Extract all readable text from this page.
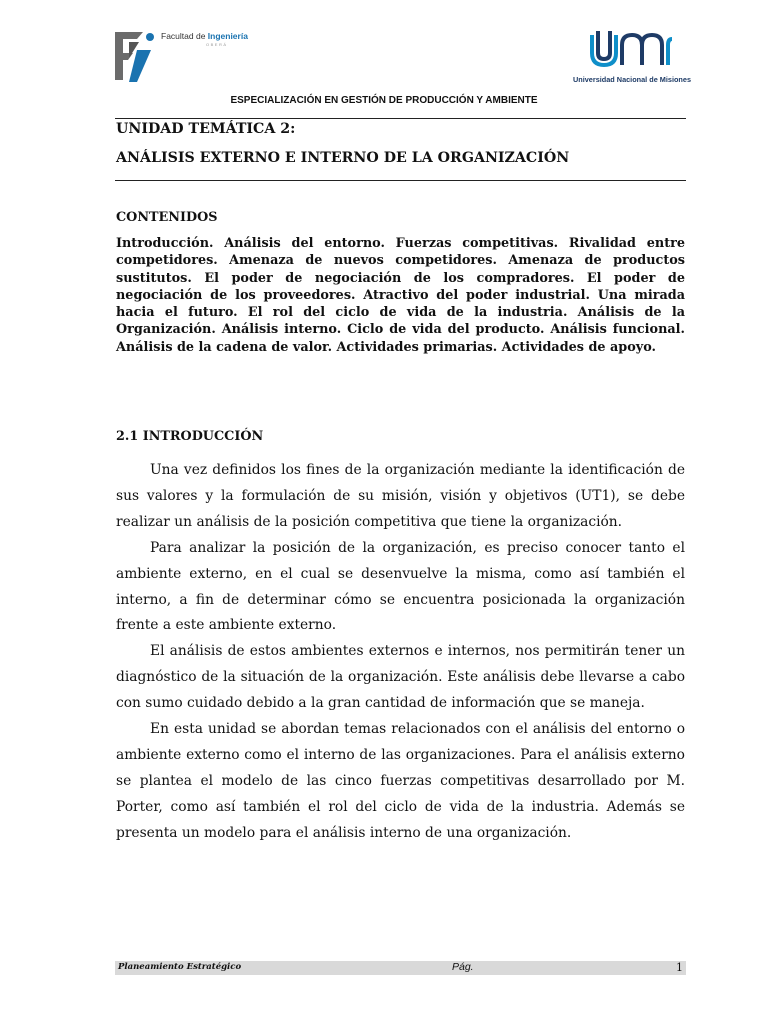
Facultad de Ingeniería
OBERÁ
Universidad Nacional de Misiones
ESPECIALIZACIÓN EN GESTIÓN DE PRODUCCIÓN Y AMBIENTE
UNIDAD TEMÁTICA 2:
ANÁLISIS EXTERNO E INTERNO DE LA ORGANIZACIÓN
CONTENIDOS
Introducción. Análisis del entorno. Fuerzas competitivas. Rivalidad entre competidores. Amenaza de nuevos competidores. Amenaza de productos sustitutos. El poder de negociación de los compradores. El poder de negociación de los proveedores. Atractivo del poder industrial. Una mirada hacia el futuro. El rol del ciclo de vida de la industria. Análisis de la Organización. Análisis interno. Ciclo de vida del producto. Análisis funcional. Análisis de la cadena de valor. Actividades primarias. Actividades de apoyo.
2.1 INTRODUCCIÓN

Una vez definidos los fines de la organización mediante la identificación de sus valores y la formulación de su misión, visión y objetivos (UT1), se debe realizar un análisis de la posición competitiva que tiene la organización.

Para analizar la posición de la organización, es preciso conocer tanto el ambiente externo, en el cual se desenvuelve la misma, como así también el interno, a fin de determinar cómo se encuentra posicionada la organización frente a este ambiente externo.

El análisis de estos ambientes externos e internos, nos permitirán tener un diagnóstico de la situación de la organización. Este análisis debe llevarse a cabo con sumo cuidado debido a la gran cantidad de información que se maneja.

En esta unidad se abordan temas relacionados con el análisis del entorno o ambiente externo como el interno de las organizaciones. Para el análisis externo se plantea el modelo de las cinco fuerzas competitivas desarrollado por M. Porter, como así también el rol del ciclo de vida de la industria. Además se presenta un modelo para el análisis interno de una organización.

Planeamiento Estratégico	Pág.	1
